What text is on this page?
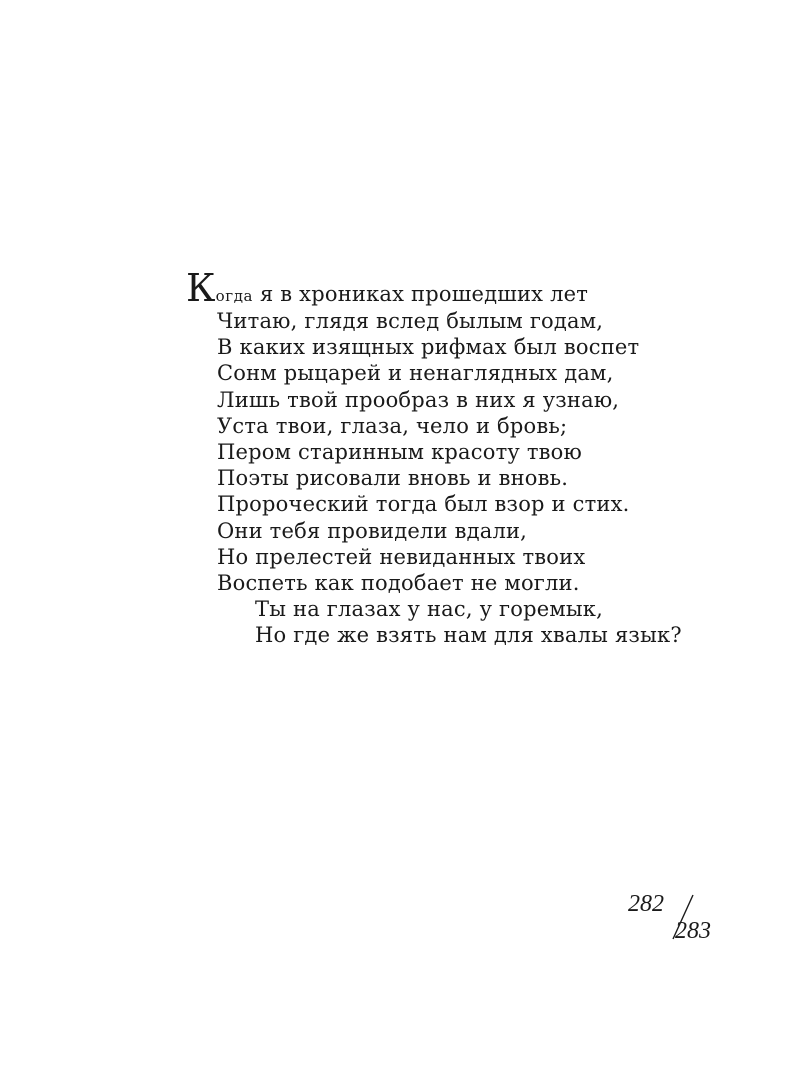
Когда я в хрониках прошедших лет
Читаю, глядя вслед былым годам,
В каких изящных рифмах был воспет
Сонм рыцарей и ненаглядных дам,
Лишь твой прообраз в них я узнаю,
Уста твои, глаза, чело и бровь;
Пером старинным красоту твою
Поэты рисовали вновь и вновь.
Пророческий тогда был взор и стих.
Они тебя провидели вдали,
Но прелестей невиданных твоих
Воспеть как подобает не могли.
Ты на глазах у нас, у горемык,
Но где же взять нам для хвалы язык?
282
283
